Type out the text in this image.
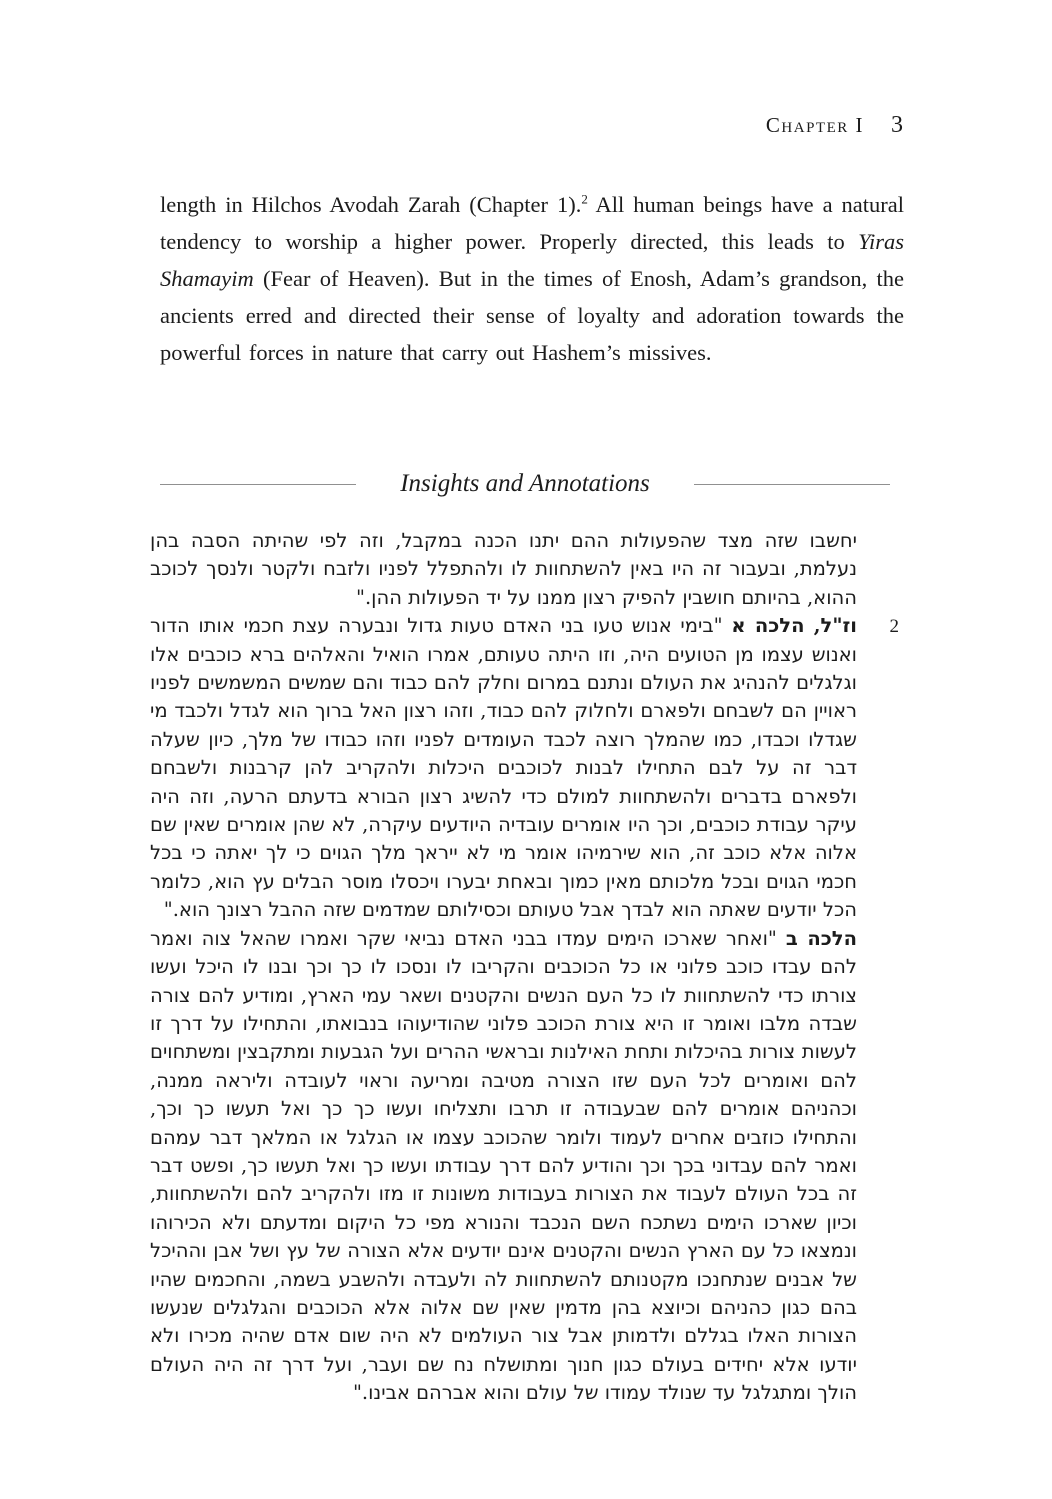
Chapter I 3

length in Hilchos Avodah Zarah (Chapter 1).$^2$ All human beings have a natural tendency to worship a higher power. Properly directed, this leads to Yiras Shamayim (Fear of Heaven). But in the times of Enosh, Adam’s grandson, the ancients erred and directed their sense of loyalty and adoration towards the powerful forces in nature that carry out Hashem’s missives.

Insights and Annotations

יחשבו שזה מצד שהפעולות ההם יתנו הכנה במקבל, וזה לפי שהיתה הסבה בהן נעלמת, ובעבור זה היו באין להשתחוות לו ולהתפלל לפניו ולזבח ולקטר ולנסך לכוכב ההוא, בהיותם חושבין להפיק רצון ממנו על יד הפעולות ההן."

2
וז"ל, הלכה א "בימי אנוש טעו בני האדם טעות גדול ונבערה עצת חכמי אותו הדור ואנוש עצמו מן הטועים היה, וזו היתה טעותם, אמרו הואיל והאלהים ברא כוכבים אלו וגלגלים להנהיג את העולם ונתנם במרום וחלק להם כבוד והם שמשים המשמשים לפניו ראויין הם לשבחם ולפארם ולחלוק להם כבוד, וזהו רצון האל ברוך הוא לגדל ולכבד מי שגדלו וכבדו, כמו שהמלך רוצה לכבד העומדים לפניו וזהו כבודו של מלך, כיון שעלה דבר זה על לבם התחילו לבנות לכוכבים היכלות ולהקריב להן קרבנות ולשבחם ולפארם בדברים ולהשתחוות למולם כדי להשיג רצון הבורא בדעתם הרעה, וזה היה עיקר עבודת כוכבים, וכך היו אומרים עובדיה היודעים עיקרה, לא שהן אומרים שאין שם אלוה אלא כוכב זה, הוא שירמיהו אומר מי לא ייראך מלך הגוים כי לך יאתה כי בכל חכמי הגוים ובכל מלכותם מאין כמוך ובאחת יבערו ויכסלו מוסר הבלים עץ הוא, כלומר הכל יודעים שאתה הוא לבדך אבל טעותם וכסילותם שמדמים שזה ההבל רצונך הוא."

הלכה ב "ואחר שארכו הימים עמדו בבני האדם נביאי שקר ואמרו שהאל צוה ואמר להם עבדו כוכב פלוני או כל הכוכבים והקריבו לו ונסכו לו כך וכך ובנו לו היכל ועשו צורתו כדי להשתחוות לו כל העם הנשים והקטנים ושאר עמי הארץ, ומודיע להם צורה שבדה מלבו ואומר זו היא צורת הכוכב פלוני שהודיעוהו בנבואתו, והתחילו על דרך זו לעשות צורות בהיכלות ותחת האילנות ובראשי ההרים ועל הגבעות ומתקבצין ומשתחוים להם ואומרים לכל העם שזו הצורה מטיבה ומריעה וראוי לעובדה וליראה ממנה, וכהניהם אומרים להם שבעבודה זו תרבו ותצליחו ועשו כך כך ואל תעשו כך וכך, והתחילו כוזבים אחרים לעמוד ולומר שהכוכב עצמו או הגלגל או המלאך דבר עמהם ואמר להם עבדוני בכך וכך והודיע להם דרך עבודתו ועשו כך ואל תעשו כך, ופשט דבר זה בכל העולם לעבוד את הצורות בעבודות משונות זו מזו ולהקריב להם ולהשתחוות, וכיון שארכו הימים נשתכח השם הנכבד והנורא מפי כל היקום ומדעתם ולא הכירוהו ונמצאו כל עם הארץ הנשים והקטנים אינם יודעים אלא הצורה של עץ ושל אבן וההיכל של אבנים שנתחנכו מקטנותם להשתחוות לה ולעבדה ולהשבע בשמה, והחכמים שהיו בהם כגון כהניהם וכיוצא בהן מדמין שאין שם אלוה אלא הכוכבים והגלגלים שנעשו הצורות האלו בגללם ולדמותן אבל צור העולמים לא היה שום אדם שהיה מכירו ולא יודעו אלא יחידים בעולם כגון חנוך ומתושלח נח שם ועבר, ועל דרך זה היה העולם הולך ומתגלגל עד שנולד עמודו של עולם והוא אברהם אבינו."
